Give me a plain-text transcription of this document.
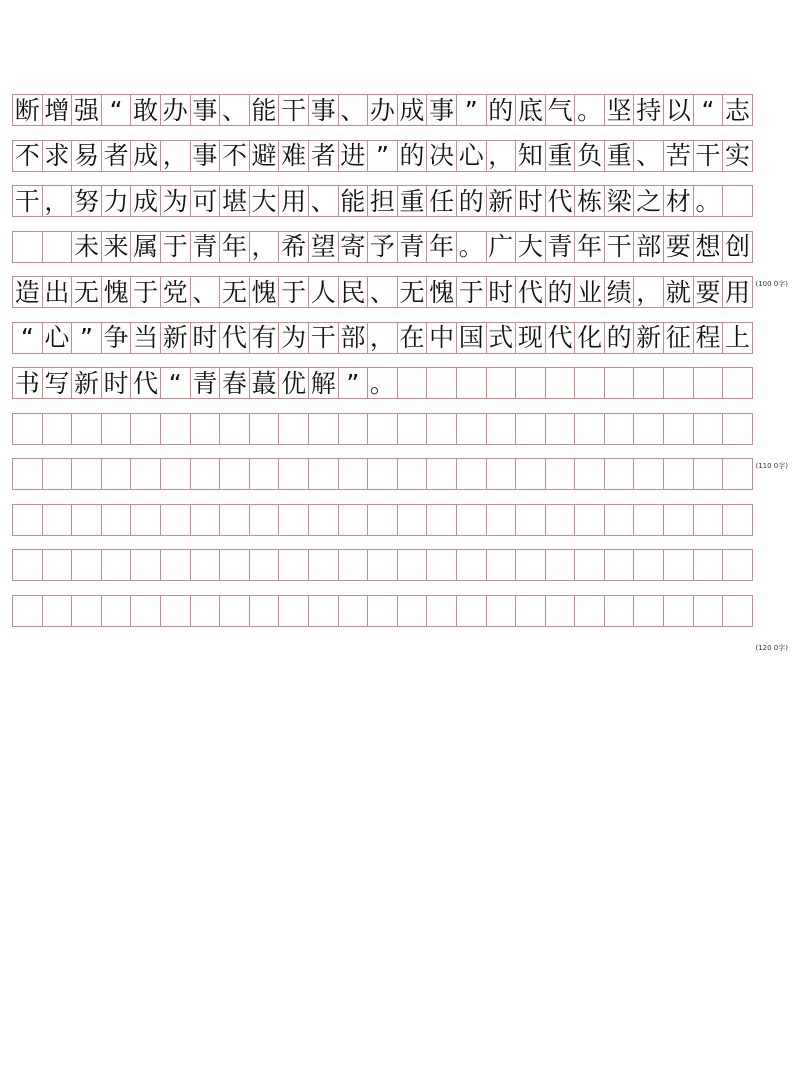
断 增 强 “ 敢 办 事 、 能 干 事 、 办 成 事 ” 的 底 气 。 坚 持 以 “ 志
不 求 易 者 成 ， 事 不 避 难 者 进 ” 的 决 心 ， 知 重 负 重 、 苦 干 实
干 ， 努 力 成 为 可 堪 大 用 、 能 担 重 任 的 新 时 代 栋 梁 之 材 。
未 来 属 于 青 年 ， 希 望 寄 予 青 年 。 广 大 青 年 干 部 要 想 创
造 出 无 愧 于 党 、 无 愧 于 人 民 、 无 愧 于 时 代 的 业 绩 ， 就 要 用
“ 心 ” 争 当 新 时 代 有 为 干 部 ， 在 中 国 式 现 代 化 的 新 征 程 上
书 写 新 时 代 “ 青 春 蕞 优 解 ” 。
(100 0字)
(110 0字)
(120 0字)
